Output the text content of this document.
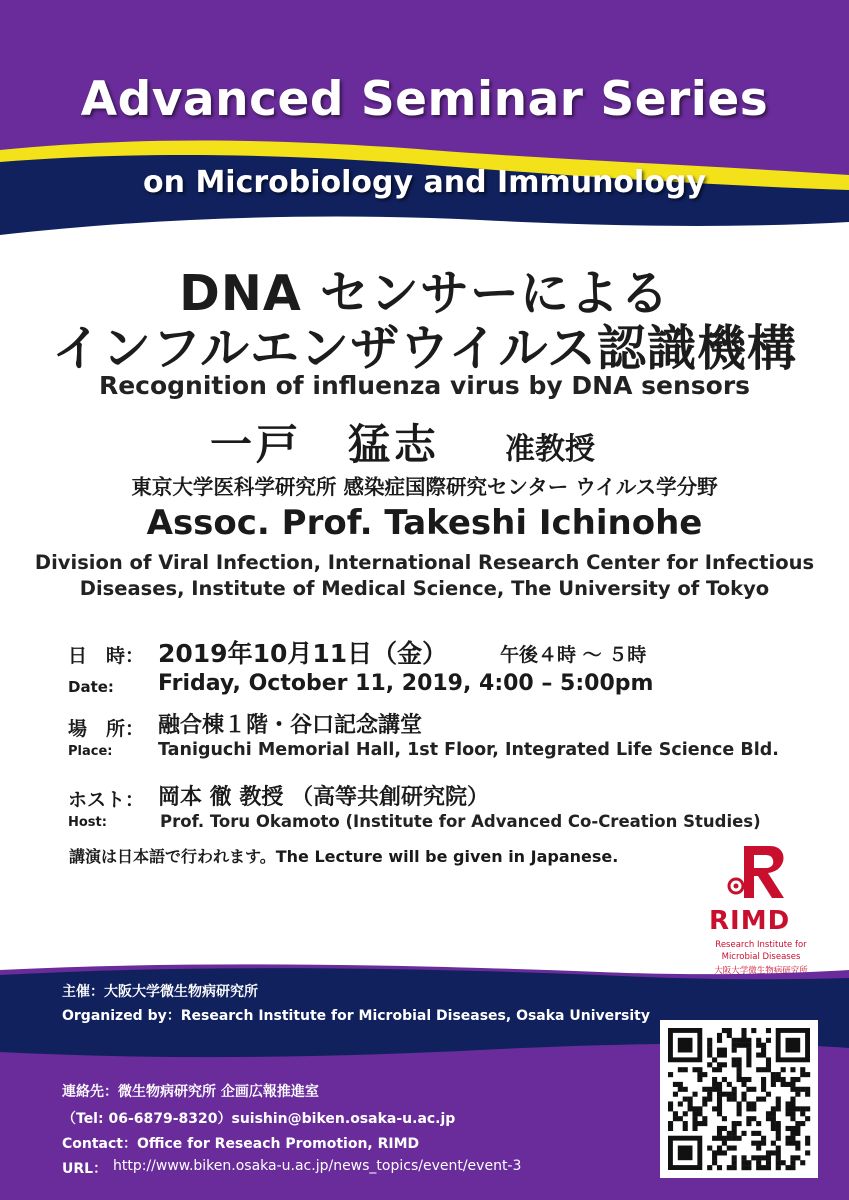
Advanced Seminar Series
on Microbiology and Immunology
DNA センサーによる
インフルエンザウイルス認識機構
Recognition of influenza virus by DNA sensors
一戸　猛志 准教授
東京大学医科学研究所 感染症国際研究センター ウイルス学分野
Assoc. Prof. Takeshi Ichinohe
Division of Viral Infection, International Research Center for Infectious
Diseases, Institute of Medical Science, The University of Tokyo
日　時： 2019年10月11日（金）	午後４時 ～ ５時
Date: Friday, October 11, 2019, 4:00 – 5:00pm
場　所： 融合棟１階・谷口記念講堂
Place:	Taniguchi Memorial Hall, 1st Floor, Integrated Life Science Bld.
ホスト： 岡本 徹 教授 （高等共創研究院）
Host:	Prof. Toru Okamoto (Institute for Advanced Co-Creation Studies)
講演は日本語で行われます。The Lecture will be given in Japanese.
RIMD
Research Institute for
Microbial Diseases
大阪大学微生物病研究所
主催：大阪大学微生物病研究所
Organized by：Research Institute for Microbial Diseases, Osaka University
連絡先：微生物病研究所 企画広報推進室
（Tel: 06-6879-8320）suishin@biken.osaka-u.ac.jp
Contact：Office for Reseach Promotion, RIMD
URL： http://www.biken.osaka-u.ac.jp/news_topics/event/event-3
